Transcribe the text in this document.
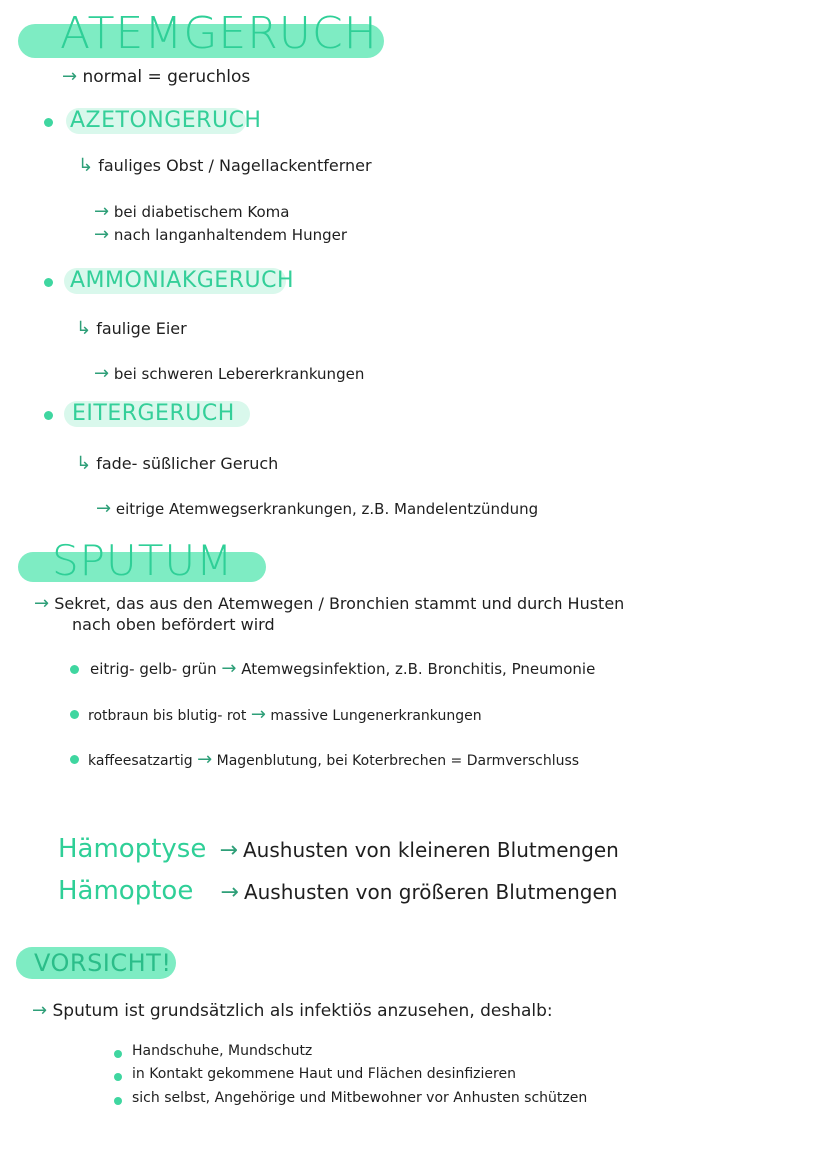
ATEMGERUCH
→ normal = geruchlos
AZETONGERUCH
↳ fauliges Obst / Nagellackentferner
→ bei diabetischem Koma
→ nach langanhaltendem Hunger
AMMONIAKGERUCH
↳ faulige Eier
→ bei schweren Lebererkrankungen
EITERGERUCH
↳ fade- süßlicher Geruch
→ eitrige Atemwegserkrankungen, z.B. Mandelentzündung
SPUTUM
→ Sekret, das aus den Atemwegen / Bronchien stammt und durch Husten
nach oben befördert wird
eitrig- gelb- grün → Atemwegsinfektion, z.B. Bronchitis, Pneumonie
rotbraun bis blutig- rot → massive Lungenerkrankungen
kaffeesatzartig → Magenblutung, bei Koterbrechen = Darmverschluss
Hämoptyse → Aushusten von kleineren Blutmengen
Hämoptoe → Aushusten von größeren Blutmengen
VORSICHT!
→ Sputum ist grundsätzlich als infektiös anzusehen, deshalb:
Handschuhe, Mundschutz
in Kontakt gekommene Haut und Flächen desinfizieren
sich selbst, Angehörige und Mitbewohner vor Anhusten schützen
